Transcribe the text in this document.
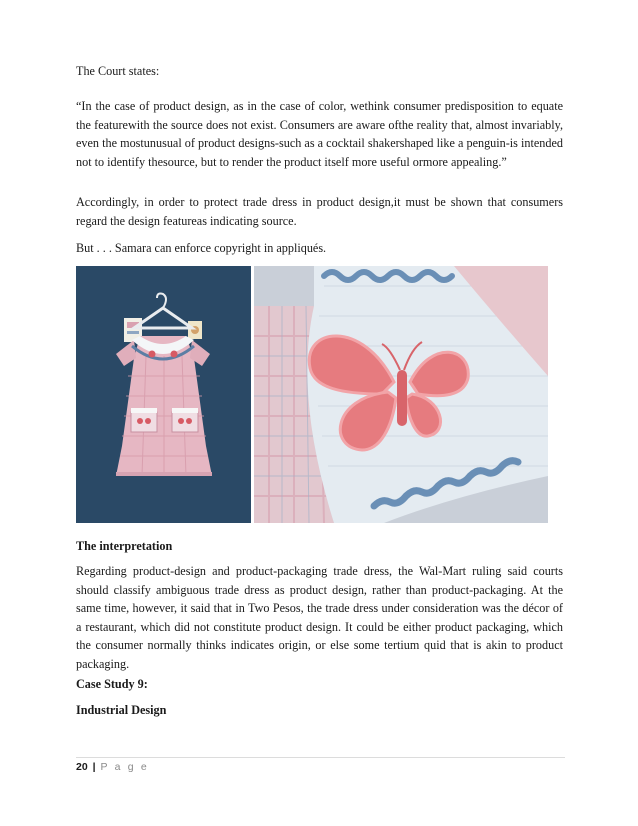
The Court states:

“In the case of product design, as in the case of color, wethink consumer predisposition to equate the featurewith the source does not exist. Consumers are aware ofthe reality that, almost invariably, even the mostunusual of product designs-such as a cocktail shakershaped like a penguin-is intended not to identify thesource, but to render the product itself more useful ormore appealing.”

Accordingly, in order to protect trade dress in product design,it must be shown that consumers regard the design featureas indicating source.

But . . . Samara can enforce copyright in appliqués.

The interpretation

Regarding product-design and product-packaging trade dress, the Wal-Mart ruling said courts should classify ambiguous trade dress as product design, rather than product-packaging. At the same time, however, it said that in Two Pesos, the trade dress under consideration was the décor of a restaurant, which did not constitute product design. It could be either product packaging, which the consumer normally thinks indicates origin, or else some tertium quid that is akin to product packaging.

Case Study 9:

Industrial Design

20 | P a g e
